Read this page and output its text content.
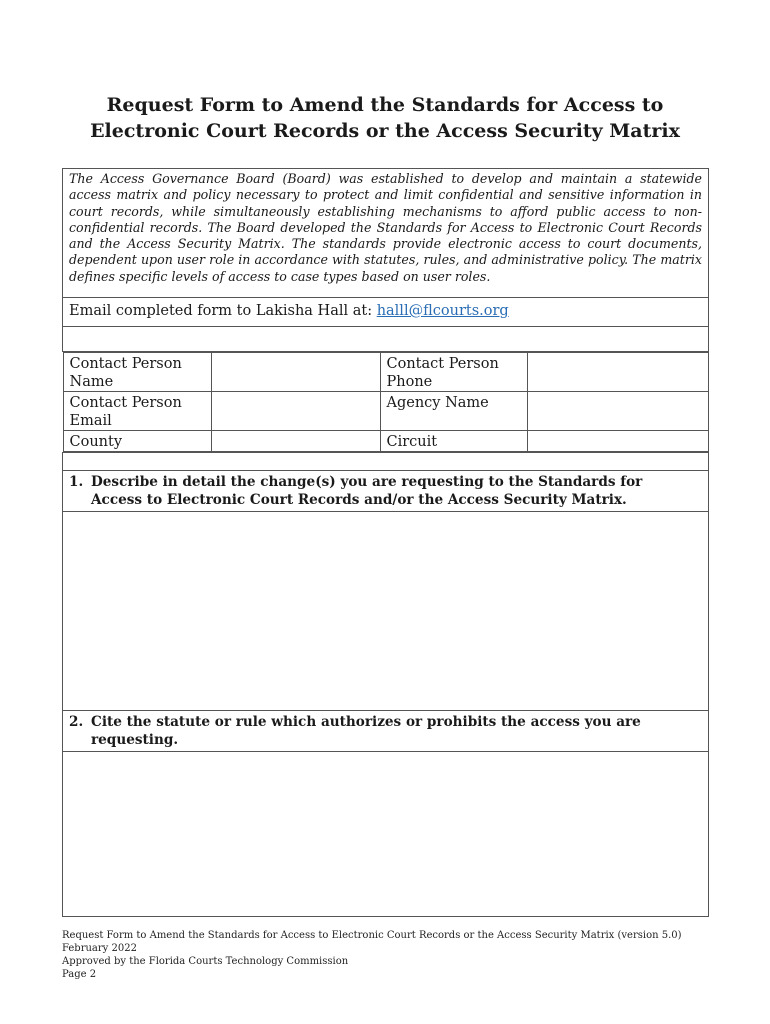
Request Form to Amend the Standards for Access to
Electronic Court Records or the Access Security Matrix
The Access Governance Board (Board) was established to develop and maintain a statewide access matrix and policy necessary to protect and limit confidential and sensitive information in court records, while simultaneously establishing mechanisms to afford public access to non-confidential records. The Board developed the Standards for Access to Electronic Court Records and the Access Security Matrix. The standards provide electronic access to court documents, dependent upon user role in accordance with statutes, rules, and administrative policy. The matrix defines specific levels of access to case types based on user roles.
Email completed form to Lakisha Hall at: halll@flcourts.org

Contact Person Name		Contact Person Phone	
Contact Person Email		Agency Name	
County		Circuit	

1. Describe in detail the change(s) you are requesting to the Standards for
Access to Electronic Court Records and/or the Access Security Matrix.

2. Cite the statute or rule which authorizes or prohibits the access you are
requesting.

Request Form to Amend the Standards for Access to Electronic Court Records or the Access Security Matrix (version 5.0)
February 2022
Approved by the Florida Courts Technology Commission
Page 2
